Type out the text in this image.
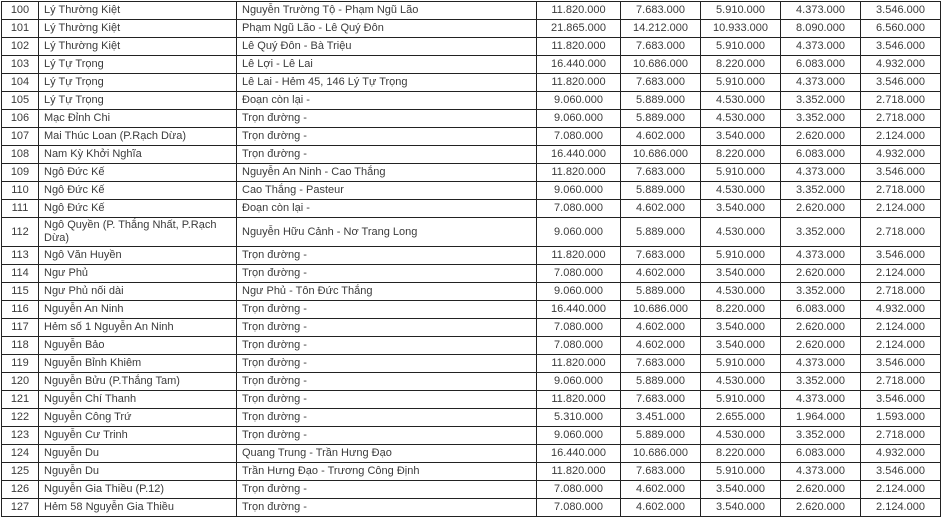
100	Lý Thường Kiệt	Nguyễn Trường Tộ - Phạm Ngũ Lão	11.820.000	7.683.000	5.910.000	4.373.000	3.546.000
101	Lý Thường Kiệt	Phạm Ngũ Lão - Lê Quý Đôn	21.865.000	14.212.000	10.933.000	8.090.000	6.560.000
102	Lý Thường Kiệt	Lê Quý Đôn - Bà Triệu	11.820.000	7.683.000	5.910.000	4.373.000	3.546.000
103	Lý Tự Trọng	Lê Lợi - Lê Lai	16.440.000	10.686.000	8.220.000	6.083.000	4.932.000
104	Lý Tự Trọng	Lê Lai - Hẻm 45, 146 Lý Tự Trọng	11.820.000	7.683.000	5.910.000	4.373.000	3.546.000
105	Lý Tự Trọng	Đoạn còn lại -	9.060.000	5.889.000	4.530.000	3.352.000	2.718.000
106	Mạc Đỉnh Chi	Trọn đường -	9.060.000	5.889.000	4.530.000	3.352.000	2.718.000
107	Mai Thúc Loan (P.Rạch Dừa)	Trọn đường -	7.080.000	4.602.000	3.540.000	2.620.000	2.124.000
108	Nam Kỳ Khởi Nghĩa	Trọn đường -	16.440.000	10.686.000	8.220.000	6.083.000	4.932.000
109	Ngô Đức Kế	Nguyễn An Ninh - Cao Thắng	11.820.000	7.683.000	5.910.000	4.373.000	3.546.000
110	Ngô Đức Kế	Cao Thắng - Pasteur	9.060.000	5.889.000	4.530.000	3.352.000	2.718.000
111	Ngô Đức Kế	Đoạn còn lại -	7.080.000	4.602.000	3.540.000	2.620.000	2.124.000
112	Ngô Quyền (P. Thắng Nhất, P.Rạch Dừa)	Nguyễn Hữu Cảnh - Nơ Trang Long	9.060.000	5.889.000	4.530.000	3.352.000	2.718.000
113	Ngô Văn Huyền	Trọn đường -	11.820.000	7.683.000	5.910.000	4.373.000	3.546.000
114	Ngư Phủ	Trọn đường -	7.080.000	4.602.000	3.540.000	2.620.000	2.124.000
115	Ngư Phủ nối dài	Ngư Phủ - Tôn Đức Thắng	9.060.000	5.889.000	4.530.000	3.352.000	2.718.000
116	Nguyễn An Ninh	Trọn đường -	16.440.000	10.686.000	8.220.000	6.083.000	4.932.000
117	Hẻm số 1 Nguyễn An Ninh	Trọn đường -	7.080.000	4.602.000	3.540.000	2.620.000	2.124.000
118	Nguyễn Bảo	Trọn đường -	7.080.000	4.602.000	3.540.000	2.620.000	2.124.000
119	Nguyễn Bỉnh Khiêm	Trọn đường -	11.820.000	7.683.000	5.910.000	4.373.000	3.546.000
120	Nguyễn Bửu (P.Thắng Tam)	Trọn đường -	9.060.000	5.889.000	4.530.000	3.352.000	2.718.000
121	Nguyễn Chí Thanh	Trọn đường -	11.820.000	7.683.000	5.910.000	4.373.000	3.546.000
122	Nguyễn Công Trứ	Trọn đường -	5.310.000	3.451.000	2.655.000	1.964.000	1.593.000
123	Nguyễn Cư Trinh	Trọn đường -	9.060.000	5.889.000	4.530.000	3.352.000	2.718.000
124	Nguyễn Du	Quang Trung - Trần Hưng Đạo	16.440.000	10.686.000	8.220.000	6.083.000	4.932.000
125	Nguyễn Du	Trần Hưng Đạo - Trương Công Định	11.820.000	7.683.000	5.910.000	4.373.000	3.546.000
126	Nguyễn Gia Thiều (P.12)	Trọn đường -	7.080.000	4.602.000	3.540.000	2.620.000	2.124.000
127	Hẻm 58 Nguyễn Gia Thiều	Trọn đường -	7.080.000	4.602.000	3.540.000	2.620.000	2.124.000
